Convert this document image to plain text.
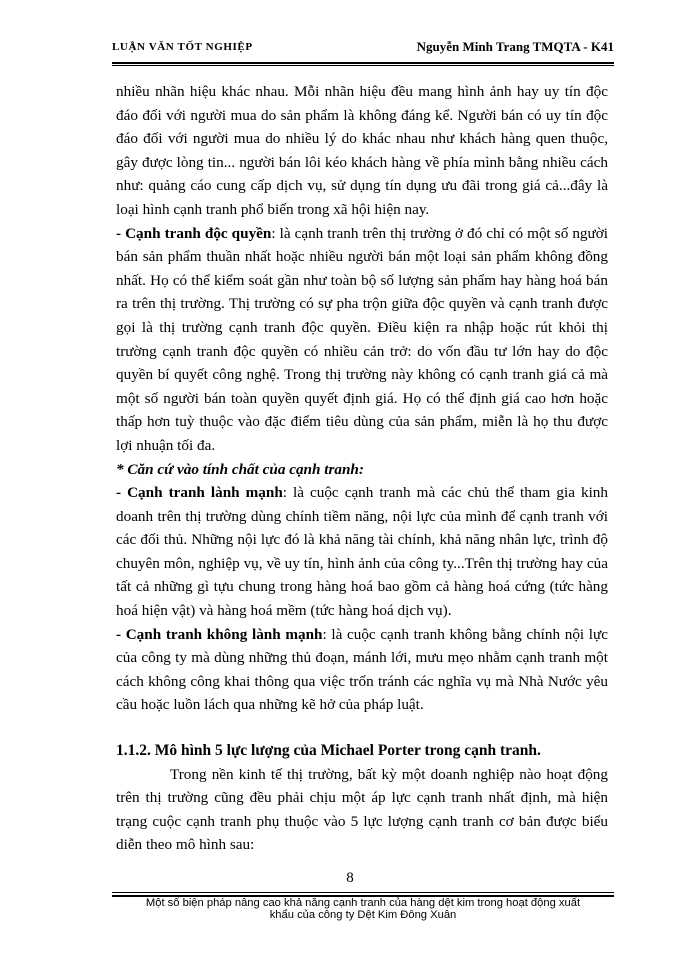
LUẬN VĂN TỐT NGHIỆP	Nguyễn Minh Trang TMQTA - K41

nhiều nhãn hiệu khác nhau. Mỗi nhãn hiệu đều mang hình ảnh hay uy tín độc đáo đối với người mua do sản phẩm là không đáng kể. Người bán có uy tín độc đáo đối với người mua do nhiều lý do khác nhau như khách hàng quen thuộc, gây được lòng tin... người bán lôi kéo khách hàng về phía mình bằng nhiều cách như: quảng cáo cung cấp dịch vụ, sử dụng tín dụng ưu đãi trong giá cả...đây là loại hình cạnh tranh phổ biến trong xã hội hiện nay.

- Cạnh tranh độc quyền: là cạnh tranh trên thị trường ở đó chỉ có một số người bán sản phẩm thuần nhất hoặc nhiều người bán một loại sản phẩm không đồng nhất. Họ có thể kiểm soát gần như toàn bộ số lượng sản phẩm hay hàng hoá bán ra trên thị trường. Thị trường có sự pha trộn giữa độc quyền và cạnh tranh được gọi là thị trường cạnh tranh độc quyền. Điều kiện ra nhập hoặc rút khỏi thị trường cạnh tranh độc quyền có nhiều cản trở: do vốn đầu tư lớn hay do độc quyền bí quyết công nghệ. Trong thị trường này không có cạnh tranh giá cả mà một số người bán toàn quyền quyết định giá. Họ có thể định giá cao hơn hoặc thấp hơn tuỳ thuộc vào đặc điểm tiêu dùng của sản phẩm, miễn là họ thu được lợi nhuận tối đa.

* Căn cứ vào tính chất của cạnh tranh:

- Cạnh tranh lành mạnh: là cuộc cạnh tranh mà các chủ thể tham gia kinh doanh trên thị trường dùng chính tiềm năng, nội lực của mình để cạnh tranh với các đối thủ. Những nội lực đó là khả năng tài chính, khả năng nhân lực, trình độ chuyên môn, nghiệp vụ, về uy tín, hình ảnh của công ty...Trên thị trường hay của tất cả những gì tựu chung trong hàng hoá bao gồm cả hàng hoá cứng (tức hàng hoá hiện vật) và hàng hoá mềm (tức hàng hoá dịch vụ).

- Cạnh tranh không lành mạnh: là cuộc cạnh tranh không bằng chính nội lực của công ty mà dùng những thủ đoạn, mánh lới, mưu mẹo nhằm cạnh tranh một cách không công khai thông qua việc trốn tránh các nghĩa vụ mà Nhà Nước yêu cầu hoặc luồn lách qua những kẽ hở của pháp luật.

1.1.2. Mô hình 5 lực lượng của Michael Porter trong cạnh tranh.

Trong nền kinh tế thị trường, bất kỳ một doanh nghiệp nào hoạt động trên thị trường cũng đều phải chịu một áp lực cạnh tranh nhất định, mà hiện trạng cuộc cạnh tranh phụ thuộc vào 5 lực lượng cạnh tranh cơ bản được biểu diễn theo mô hình sau:

8
Một số biện pháp nâng cao khả năng cạnh tranh của hàng dệt kim trong hoạt động xuất
khẩu của công ty Dệt Kim Đông Xuân
